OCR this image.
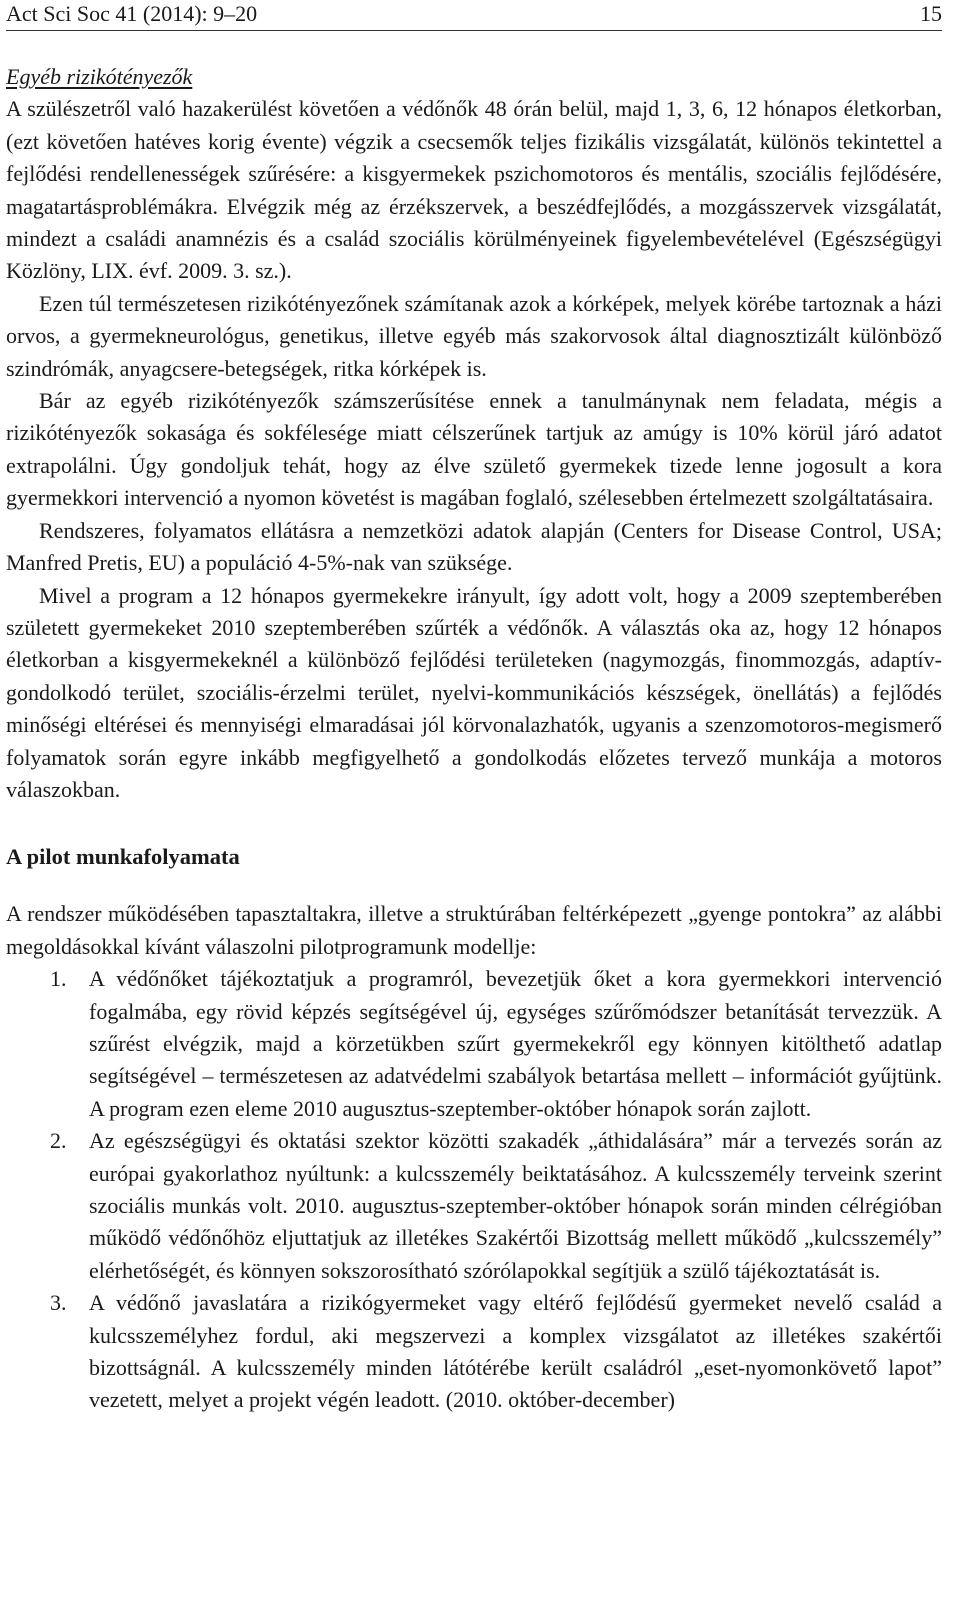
Act Sci Soc 41 (2014): 9–20	15

Egyéb rizikótényezők

A szülészetről való hazakerülést követően a védőnők 48 órán belül, majd 1, 3, 6, 12 hónapos életkorban, (ezt követően hatéves korig évente) végzik a csecsemők teljes fizikális vizsgálatát, különös tekintettel a fejlődési rendellenességek szűrésére: a kisgyermekek pszichomotoros és mentális, szociális fejlődésére, magatartásproblémákra. Elvégzik még az érzékszervek, a beszédfejlődés, a mozgásszervek vizsgálatát, mindezt a családi anamnézis és a család szociális körülményeinek figyelembevételével (Egészségügyi Közlöny, LIX. évf. 2009. 3. sz.).

Ezen túl természetesen rizikótényezőnek számítanak azok a kórképek, melyek körébe tartoznak a házi orvos, a gyermekneurológus, genetikus, illetve egyéb más szakorvosok által diagnosztizált különböző szindrómák, anyagcsere-betegségek, ritka kórképek is.

Bár az egyéb rizikótényezők számszerűsítése ennek a tanulmánynak nem feladata, mégis a rizikótényezők sokasága és sokfélesége miatt célszerűnek tartjuk az amúgy is 10% körül járó adatot extrapolálni. Úgy gondoljuk tehát, hogy az élve születő gyermekek tizede lenne jogosult a kora gyermekkori intervenció a nyomon követést is magában foglaló, szélesebben értelmezett szolgáltatásaira.

Rendszeres, folyamatos ellátásra a nemzetközi adatok alapján (Centers for Disease Control, USA; Manfred Pretis, EU) a populáció 4-5%-nak van szüksége.

Mivel a program a 12 hónapos gyermekekre irányult, így adott volt, hogy a 2009 szeptemberében született gyermekeket 2010 szeptemberében szűrték a védőnők. A választás oka az, hogy 12 hónapos életkorban a kisgyermekeknél a különböző fejlődési területeken (nagymozgás, finommozgás, adaptív-gondolkodó terület, szociális-érzelmi terület, nyelvi-kommunikációs készségek, önellátás) a fejlődés minőségi eltérései és mennyiségi elmaradásai jól körvonalazhatók, ugyanis a szenzomotoros-megismerő folyamatok során egyre inkább megfigyelhető a gondolkodás előzetes tervező munkája a motoros válaszokban.

A pilot munkafolyamata

A rendszer működésében tapasztaltakra, illetve a struktúrában feltérképezett „gyenge pontokra” az alábbi megoldásokkal kívánt válaszolni pilotprogramunk modellje:

1. A védőnőket tájékoztatjuk a programról, bevezetjük őket a kora gyermekkori intervenció fogalmába, egy rövid képzés segítségével új, egységes szűrőmódszer betanítását tervezzük. A szűrést elvégzik, majd a körzetükben szűrt gyermekekről egy könnyen kitölthető adatlap segítségével – természetesen az adatvédelmi szabályok betartása mellett – információt gyűjtünk. A program ezen eleme 2010 augusztus-szeptember-október hónapok során zajlott.
2. Az egészségügyi és oktatási szektor közötti szakadék „áthidalására” már a tervezés során az európai gyakorlathoz nyúltunk: a kulcsszemély beiktatásához. A kulcsszemély terveink szerint szociális munkás volt. 2010. augusztus-szeptember-október hónapok során minden célrégióban működő védőnőhöz eljuttatjuk az illetékes Szakértői Bizottság mellett működő „kulcsszemély” elérhetőségét, és könnyen sokszorosítható szórólapokkal segítjük a szülő tájékoztatását is.
3. A védőnő javaslatára a rizikógyermeket vagy eltérő fejlődésű gyermeket nevelő család a kulcsszemélyhez fordul, aki megszervezi a komplex vizsgálatot az illetékes szakértői bizottságnál. A kulcsszemély minden látótérébe került családról „eset-nyomonkövető lapot” vezetett, melyet a projekt végén leadott. (2010. október-december)
